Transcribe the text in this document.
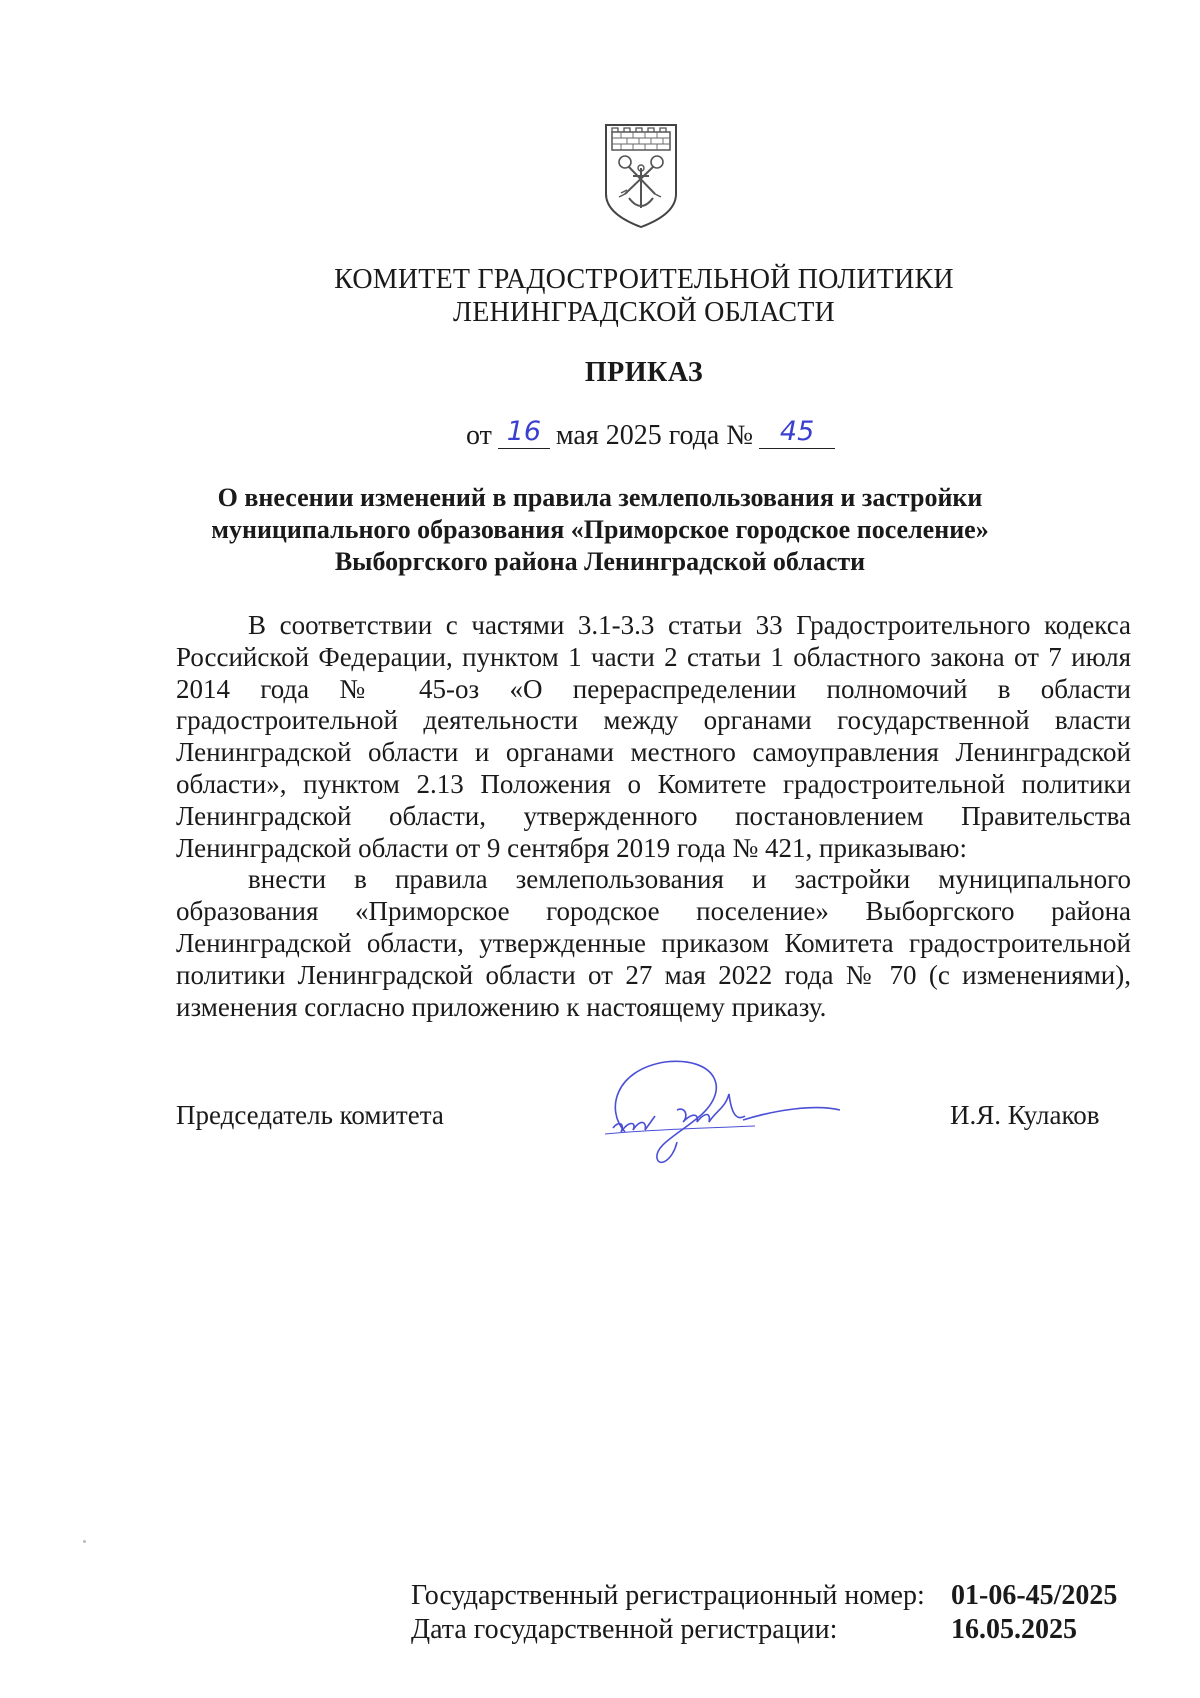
КОМИТЕТ ГРАДОСТРОИТЕЛЬНОЙ ПОЛИТИКИ
ЛЕНИНГРАДСКОЙ ОБЛАСТИ
ПРИКАЗ
от 16 мая 2025 года № 45
О внесении изменений в правила землепользования и застройки
муниципального образования «Приморское городское поселение»
Выборгского района Ленинградской области

В соответствии с частями 3.1-3.3 статьи 33 Градостроительного кодекса Российской Федерации, пунктом 1 части 2 статьи 1 областного закона от 7 июля 2014 года № 45-оз «О перераспределении полномочий в области градостроительной деятельности между органами государственной власти Ленинградской области и органами местного самоуправления Ленинградской области», пунктом 2.13 Положения о Комитете градостроительной политики Ленинградской области, утвержденного постановлением Правительства Ленинградской области от 9 сентября 2019 года № 421, приказываю:

внести в правила землепользования и застройки муниципального образования «Приморское городское поселение» Выборгского района Ленинградской области, утвержденные приказом Комитета градостроительной политики Ленинградской области от 27 мая 2022 года № 70 (с изменениями), изменения согласно приложению к настоящему приказу.

Председатель комитета	И.Я. Кулаков
Государственный регистрационный номер: 01-06-45/2025
Дата государственной регистрации:	16.05.2025
